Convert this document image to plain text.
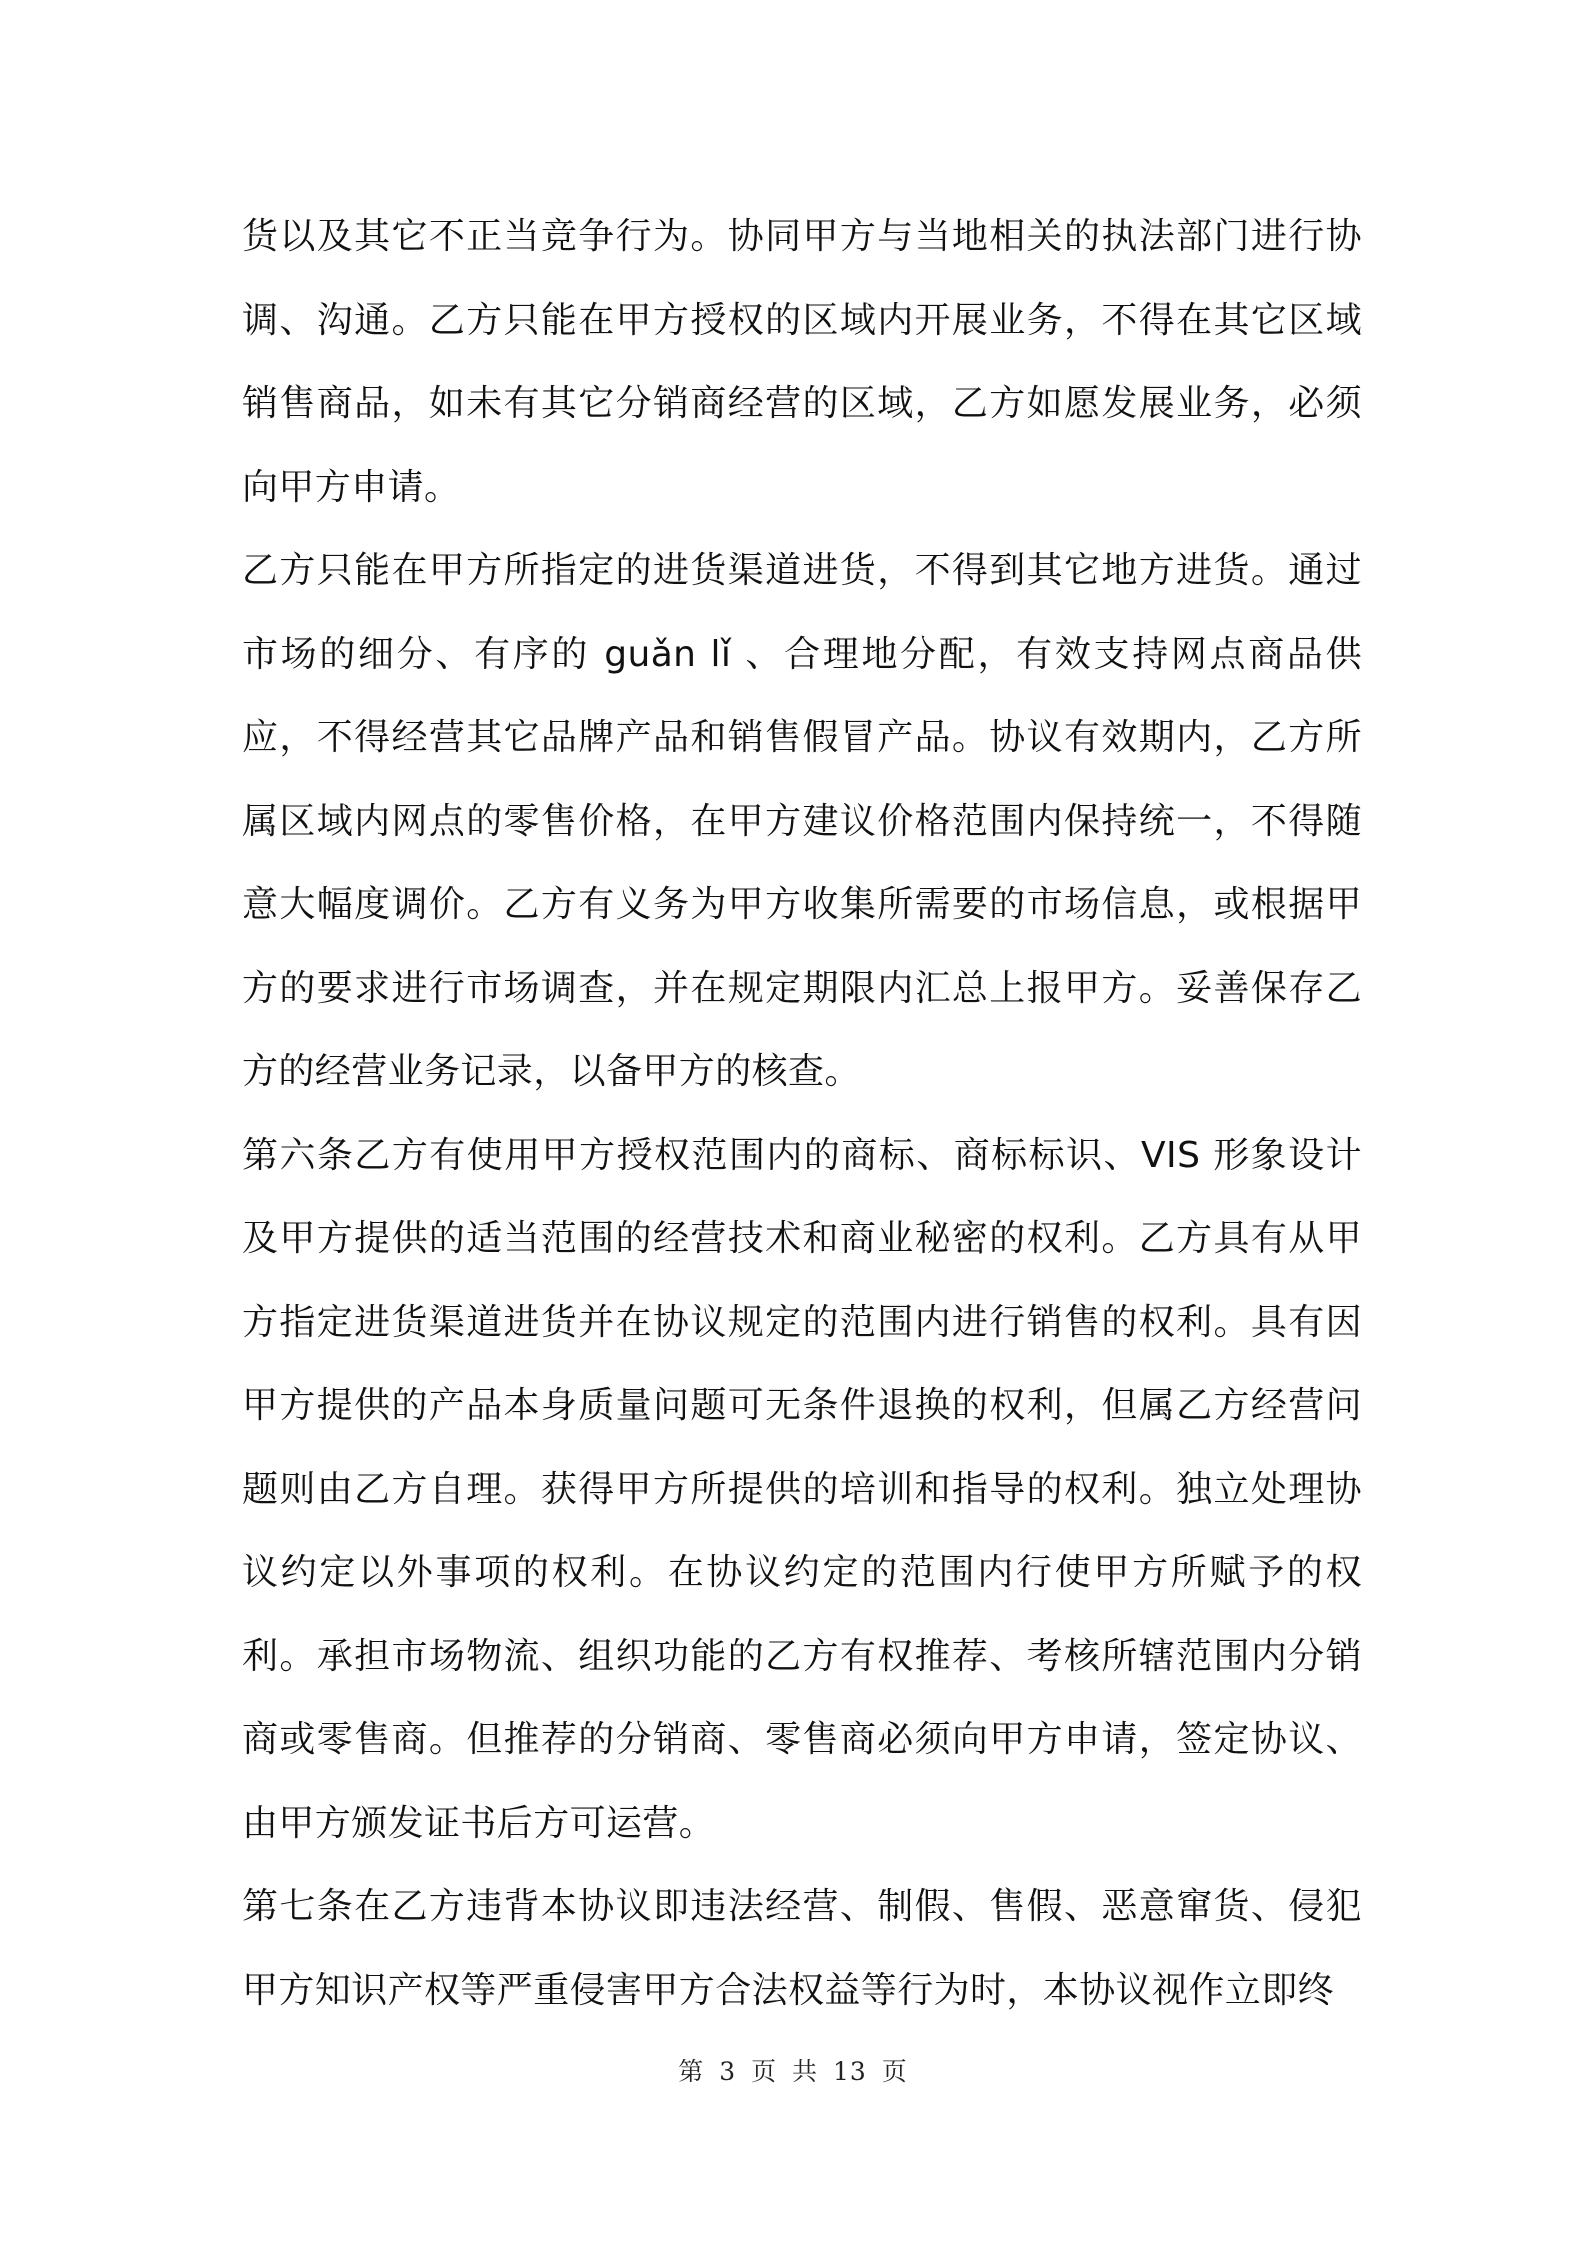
货以及其它不正当竞争行为。协同甲方与当地相关的执法部门进行协调、沟通。乙方只能在甲方授权的区域内开展业务，不得在其它区域销售商品，如未有其它分销商经营的区域，乙方如愿发展业务，必须向甲方申请。

乙方只能在甲方所指定的进货渠道进货，不得到其它地方进货。通过市场的细分、有序的 guǎn lǐ 、合理地分配，有效支持网点商品供应，不得经营其它品牌产品和销售假冒产品。协议有效期内，乙方所属区域内网点的零售价格，在甲方建议价格范围内保持统一，不得随意大幅度调价。乙方有义务为甲方收集所需要的市场信息，或根据甲方的要求进行市场调查，并在规定期限内汇总上报甲方。妥善保存乙方的经营业务记录，以备甲方的核查。

第六条乙方有使用甲方授权范围内的商标、商标标识、VIS 形象设计及甲方提供的适当范围的经营技术和商业秘密的权利。乙方具有从甲方指定进货渠道进货并在协议规定的范围内进行销售的权利。具有因甲方提供的产品本身质量问题可无条件退换的权利，但属乙方经营问题则由乙方自理。获得甲方所提供的培训和指导的权利。独立处理协议约定以外事项的权利。在协议约定的范围内行使甲方所赋予的权利。承担市场物流、组织功能的乙方有权推荐、考核所辖范围内分销商或零售商。但推荐的分销商、零售商必须向甲方申请，签定协议、由甲方颁发证书后方可运营。

第七条在乙方违背本协议即违法经营、制假、售假、恶意窜货、侵犯甲方知识产权等严重侵害甲方合法权益等行为时，本协议视作立即终

第 3 页 共 13 页
